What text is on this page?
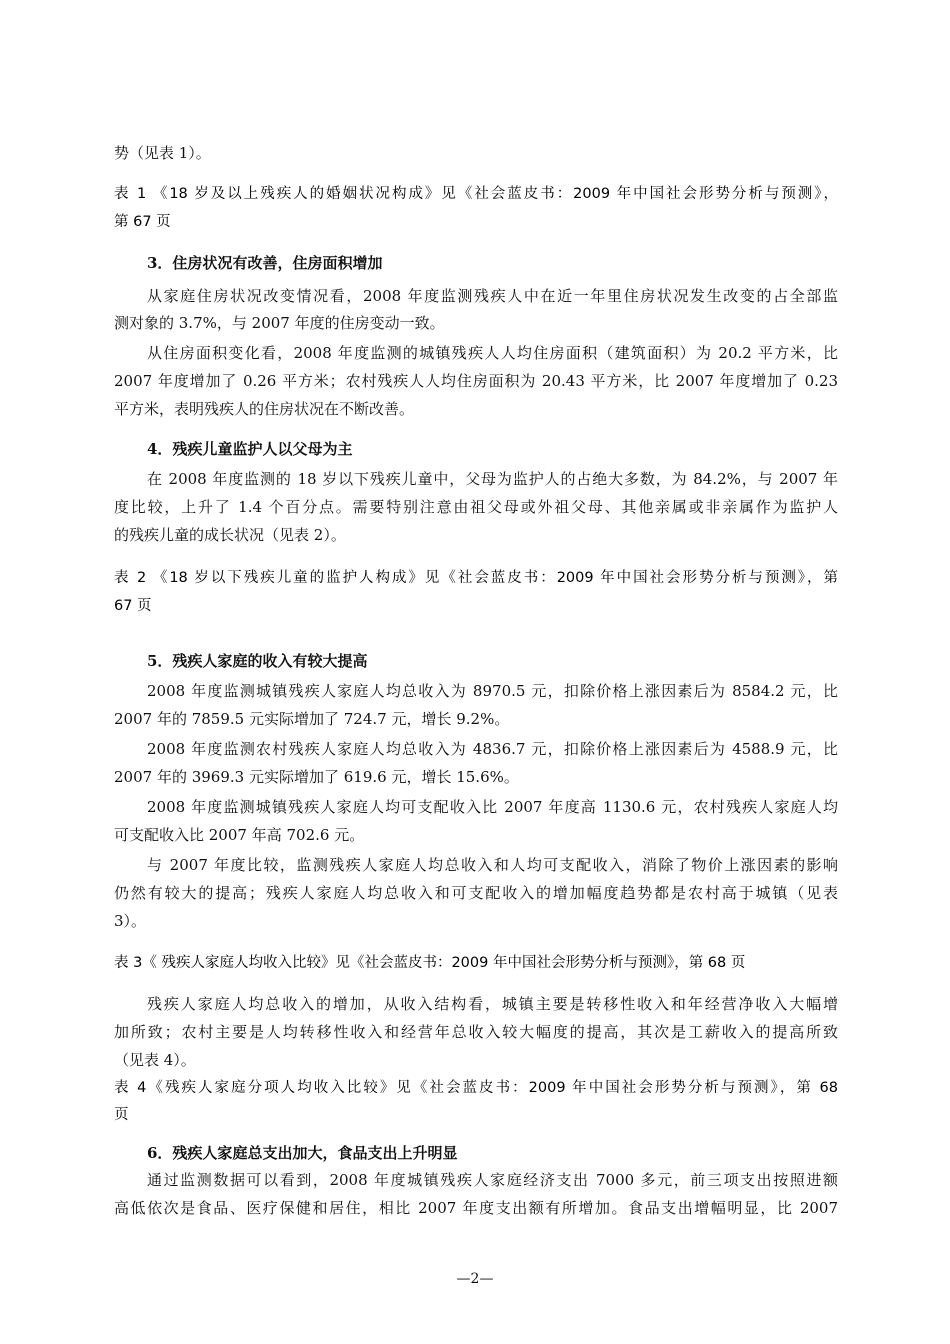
势（见表 1）。
表 1 《18 岁及以上残疾人的婚姻状况构成》见《社会蓝皮书：2009 年中国社会形势分析与预测》，
第 67 页
3．住房状况有改善，住房面积增加
从家庭住房状况改变情况看，2008 年度监测残疾人中在近一年里住房状况发生改变的占全部监
测对象的 3.7%，与 2007 年度的住房变动一致。
从住房面积变化看，2008 年度监测的城镇残疾人人均住房面积（建筑面积）为 20.2 平方米，比
2007 年度增加了 0.26 平方米；农村残疾人人均住房面积为 20.43 平方米，比 2007 年度增加了 0.23
平方米，表明残疾人的住房状况在不断改善。
4．残疾儿童监护人以父母为主
在 2008 年度监测的 18 岁以下残疾儿童中，父母为监护人的占绝大多数，为 84.2%，与 2007 年
度比较，上升了 1.4 个百分点。需要特别注意由祖父母或外祖父母、其他亲属或非亲属作为监护人
的残疾儿童的成长状况（见表 2）。
表 2 《18 岁以下残疾儿童的监护人构成》见《社会蓝皮书：2009 年中国社会形势分析与预测》，第
67 页
5．残疾人家庭的收入有较大提高
2008 年度监测城镇残疾人家庭人均总收入为 8970.5 元，扣除价格上涨因素后为 8584.2 元，比
2007 年的 7859.5 元实际增加了 724.7 元，增长 9.2%。
2008 年度监测农村残疾人家庭人均总收入为 4836.7 元，扣除价格上涨因素后为 4588.9 元，比
2007 年的 3969.3 元实际增加了 619.6 元，增长 15.6%。
2008 年度监测城镇残疾人家庭人均可支配收入比 2007 年度高 1130.6 元，农村残疾人家庭人均
可支配收入比 2007 年高 702.6 元。
与 2007 年度比较，监测残疾人家庭人均总收入和人均可支配收入，消除了物价上涨因素的影响
仍然有较大的提高；残疾人家庭人均总收入和可支配收入的增加幅度趋势都是农村高于城镇（见表
3）。
表 3《 残疾人家庭人均收入比较》见《社会蓝皮书：2009 年中国社会形势分析与预测》，第 68 页
残疾人家庭人均总收入的增加，从收入结构看，城镇主要是转移性收入和年经营净收入大幅增
加所致；农村主要是人均转移性收入和经营年总收入较大幅度的提高，其次是工薪收入的提高所致
（见表 4）。
表 4《残疾人家庭分项人均收入比较》见《社会蓝皮书：2009 年中国社会形势分析与预测》，第 68
页
6．残疾人家庭总支出加大，食品支出上升明显
通过监测数据可以看到，2008 年度城镇残疾人家庭经济支出 7000 多元，前三项支出按照进额
高低依次是食品、医疗保健和居住，相比 2007 年度支出额有所增加。食品支出增幅明显，比 2007
—2—
